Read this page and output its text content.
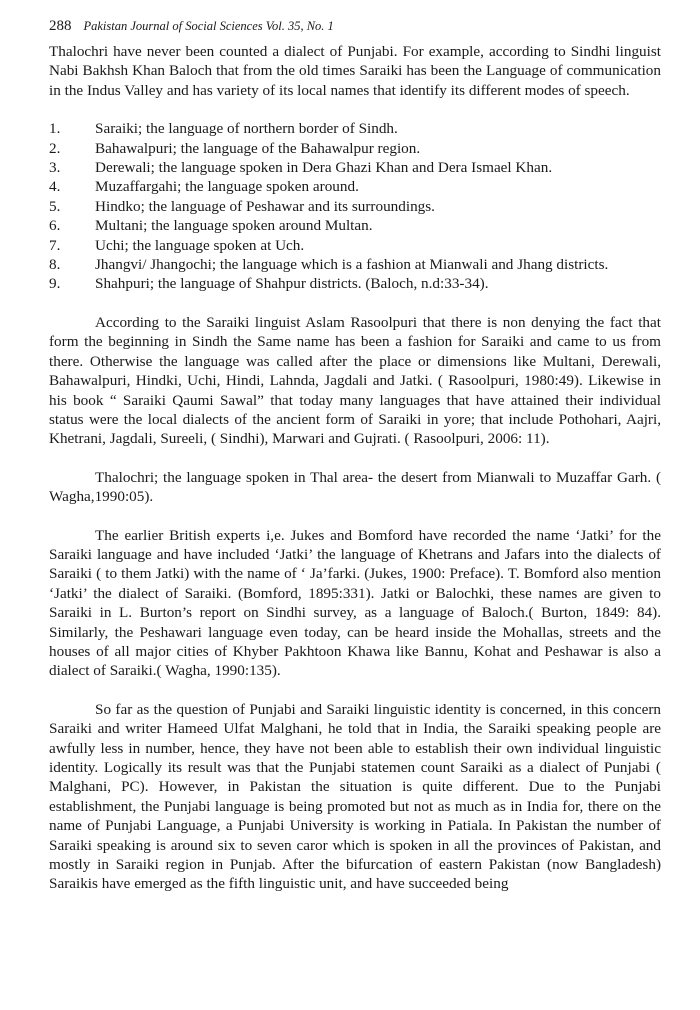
288 Pakistan Journal of Social Sciences Vol. 35, No. 1

Thalochri have never been counted a dialect of Punjabi. For example, according to Sindhi linguist Nabi Bakhsh Khan Baloch that from the old times Saraiki has been the Language of communication in the Indus Valley and has variety of its local names that identify its different modes of speech.

1.	Saraiki; the language of northern border of Sindh.
2.	Bahawalpuri; the language of the Bahawalpur region.
3.	Derewali; the language spoken in Dera Ghazi Khan and Dera Ismael Khan.
4.	Muzaffargahi; the language spoken around.
5.	Hindko; the language of Peshawar and its surroundings.
6.	Multani; the language spoken around Multan.
7.	Uchi; the language spoken at Uch.
8.	Jhangvi/ Jhangochi; the language which is a fashion at Mianwali and Jhang districts.
9.	Shahpuri; the language of Shahpur districts. (Baloch, n.d:33-34).

According to the Saraiki linguist Aslam Rasoolpuri that there is non denying the fact that form the beginning in Sindh the Same name has been a fashion for Saraiki and came to us from there. Otherwise the language was called after the place or dimensions like Multani, Derewali, Bahawalpuri, Hindki, Uchi, Hindi, Lahnda, Jagdali and Jatki. ( Rasoolpuri, 1980:49). Likewise in his book “ Saraiki Qaumi Sawal” that today many languages that have attained their individual status were the local dialects of the ancient form of Saraiki in yore; that include Pothohari, Aajri, Khetrani, Jagdali, Sureeli, ( Sindhi), Marwari and Gujrati. ( Rasoolpuri, 2006: 11).

Thalochri; the language spoken in Thal area- the desert from Mianwali to Muzaffar Garh. ( Wagha,1990:05).

The earlier British experts i,e. Jukes and Bomford have recorded the name ‘Jatki’ for the Saraiki language and have included ‘Jatki’ the language of Khetrans and Jafars into the dialects of Saraiki ( to them Jatki) with the name of ‘ Ja’farki. (Jukes, 1900: Preface). T. Bomford also mention ‘Jatki’ the dialect of Saraiki. (Bomford, 1895:331). Jatki or Balochki, these names are given to Saraiki in L. Burton’s report on Sindhi survey, as a language of Baloch.( Burton, 1849: 84). Similarly, the Peshawari language even today, can be heard inside the Mohallas, streets and the houses of all major cities of Khyber Pakhtoon Khawa like Bannu, Kohat and Peshawar is also a dialect of Saraiki.( Wagha, 1990:135).

So far as the question of Punjabi and Saraiki linguistic identity is concerned, in this concern Saraiki and writer Hameed Ulfat Malghani, he told that in India, the Saraiki speaking people are awfully less in number, hence, they have not been able to establish their own individual linguistic identity. Logically its result was that the Punjabi statemen count Saraiki as a dialect of Punjabi ( Malghani, PC). However, in Pakistan the situation is quite different. Due to the Punjabi establishment, the Punjabi language is being promoted but not as much as in India for, there on the name of Punjabi Language, a Punjabi University is working in Patiala. In Pakistan the number of Saraiki speaking is around six to seven caror which is spoken in all the provinces of Pakistan, and mostly in Saraiki region in Punjab. After the bifurcation of eastern Pakistan (now Bangladesh) Saraikis have emerged as the fifth linguistic unit, and have succeeded being
